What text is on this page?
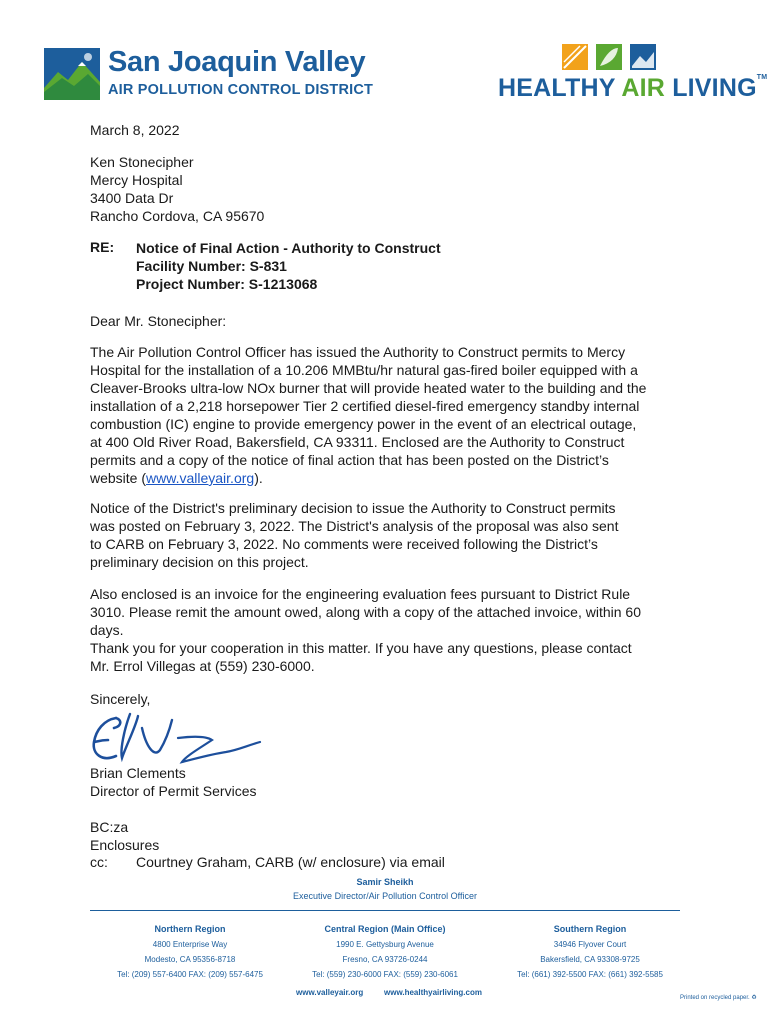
San Joaquin Valley
AIR POLLUTION CONTROL DISTRICT	HEALTHY AIR LIVING™
March 8, 2022
Ken Stonecipher
Mercy Hospital
3400 Data Dr
Rancho Cordova, CA 95670
RE: Notice of Final Action - Authority to Construct
Facility Number: S-831
Project Number: S-1213068
Dear Mr. Stonecipher:
The Air Pollution Control Officer has issued the Authority to Construct permits to Mercy
Hospital for the installation of a 10.206 MMBtu/hr natural gas-fired boiler equipped with a
Cleaver-Brooks ultra-low NOx burner that will provide heated water to the building and the
installation of a 2,218 horsepower Tier 2 certified diesel-fired emergency standby internal
combustion (IC) engine to provide emergency power in the event of an electrical outage,
at 400 Old River Road, Bakersfield, CA 93311. Enclosed are the Authority to Construct
permits and a copy of the notice of final action that has been posted on the District’s
website (www.valleyair.org).
Notice of the District's preliminary decision to issue the Authority to Construct permits
was posted on February 3, 2022. The District's analysis of the proposal was also sent
to CARB on February 3, 2022. No comments were received following the District’s
preliminary decision on this project.
Also enclosed is an invoice for the engineering evaluation fees pursuant to District Rule
3010. Please remit the amount owed, along with a copy of the attached invoice, within 60
days.
Thank you for your cooperation in this matter. If you have any questions, please contact
Mr. Errol Villegas at (559) 230-6000.
Sincerely,
Brian Clements
Director of Permit Services
BC:za
Enclosures
cc: Courtney Graham, CARB (w/ enclosure) via email
Samir Sheikh
Executive Director/Air Pollution Control Officer
Northern Region
4800 Enterprise Way
Modesto, CA 95356-8718
Tel: (209) 557-6400 FAX: (209) 557-6475
Central Region (Main Office)
1990 E. Gettysburg Avenue
Fresno, CA 93726-0244
Tel: (559) 230-6000 FAX: (559) 230-6061
Southern Region
34946 Flyover Court
Bakersfield, CA 93308-9725
Tel: (661) 392-5500 FAX: (661) 392-5585
www.valleyair.org	www.healthyairliving.com
Printed on recycled paper. ♻
